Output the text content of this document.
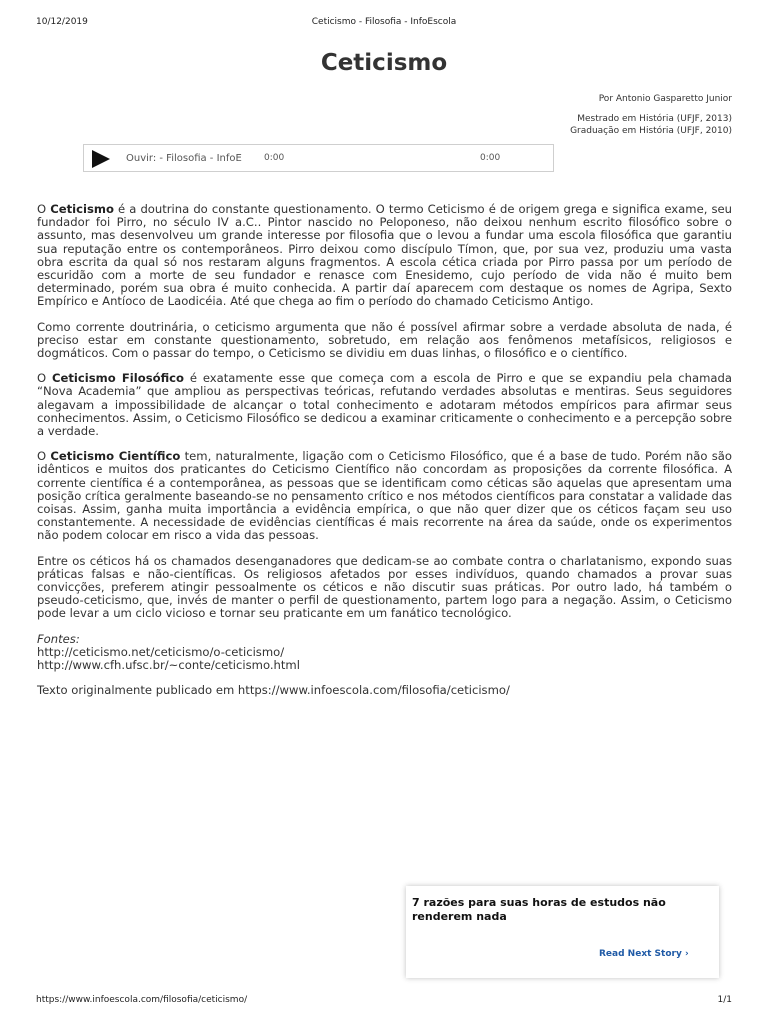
10/12/2019	Ceticismo - Filosofia - InfoEscola
Ceticismo
Por Antonio Gasparetto Junior
Mestrado em História (UFJF, 2013)
Graduação em História (UFJF, 2010)
Ouvir: - Filosofia - InfoE 0:00	0:00

O Ceticismo é a doutrina do constante questionamento. O termo Ceticismo é de origem grega e significa exame, seu fundador foi Pirro, no século IV a.C.. Pintor nascido no Peloponeso, não deixou nenhum escrito filosófico sobre o assunto, mas desenvolveu um grande interesse por filosofia que o levou a fundar uma escola filosófica que garantiu sua reputação entre os contemporâneos. Pirro deixou como discípulo Tímon, que, por sua vez, produziu uma vasta obra escrita da qual só nos restaram alguns fragmentos. A escola cética criada por Pirro passa por um período de escuridão com a morte de seu fundador e renasce com Enesidemo, cujo período de vida não é muito bem determinado, porém sua obra é muito conhecida. A partir daí aparecem com destaque os nomes de Agripa, Sexto Empírico e Antíoco de Laodicéia. Até que chega ao fim o período do chamado Ceticismo Antigo.

Como corrente doutrinária, o ceticismo argumenta que não é possível afirmar sobre a verdade absoluta de nada, é preciso estar em constante questionamento, sobretudo, em relação aos fenômenos metafísicos, religiosos e dogmáticos. Com o passar do tempo, o Ceticismo se dividiu em duas linhas, o filosófico e o científico.

O Ceticismo Filosófico é exatamente esse que começa com a escola de Pirro e que se expandiu pela chamada “Nova Academia” que ampliou as perspectivas teóricas, refutando verdades absolutas e mentiras. Seus seguidores alegavam a impossibilidade de alcançar o total conhecimento e adotaram métodos empíricos para afirmar seus conhecimentos. Assim, o Ceticismo Filosófico se dedicou a examinar criticamente o conhecimento e a percepção sobre a verdade.

O Ceticismo Científico tem, naturalmente, ligação com o Ceticismo Filosófico, que é a base de tudo. Porém não são idênticos e muitos dos praticantes do Ceticismo Científico não concordam as proposições da corrente filosófica. A corrente científica é a contemporânea, as pessoas que se identificam como céticas são aquelas que apresentam uma posição crítica geralmente baseando-se no pensamento crítico e nos métodos científicos para constatar a validade das coisas. Assim, ganha muita importância a evidência empírica, o que não quer dizer que os céticos façam seu uso constantemente. A necessidade de evidências científicas é mais recorrente na área da saúde, onde os experimentos não podem colocar em risco a vida das pessoas.

Entre os céticos há os chamados desenganadores que dedicam-se ao combate contra o charlatanismo, expondo suas práticas falsas e não-científicas. Os religiosos afetados por esses indivíduos, quando chamados a provar suas convicções, preferem atingir pessoalmente os céticos e não discutir suas práticas. Por outro lado, há também o pseudo-ceticismo, que, invés de manter o perfil de questionamento, partem logo para a negação. Assim, o Ceticismo pode levar a um ciclo vicioso e tornar seu praticante em um fanático tecnológico.

Fontes:

http://ceticismo.net/ceticismo/o-ceticismo/

http://www.cfh.ufsc.br/~conte/ceticismo.html

Texto originalmente publicado em https://www.infoescola.com/filosofia/ceticismo/

7 razões para suas horas de estudos não renderem nada
Read Next Story ›
https://www.infoescola.com/filosofia/ceticismo/	1/1
